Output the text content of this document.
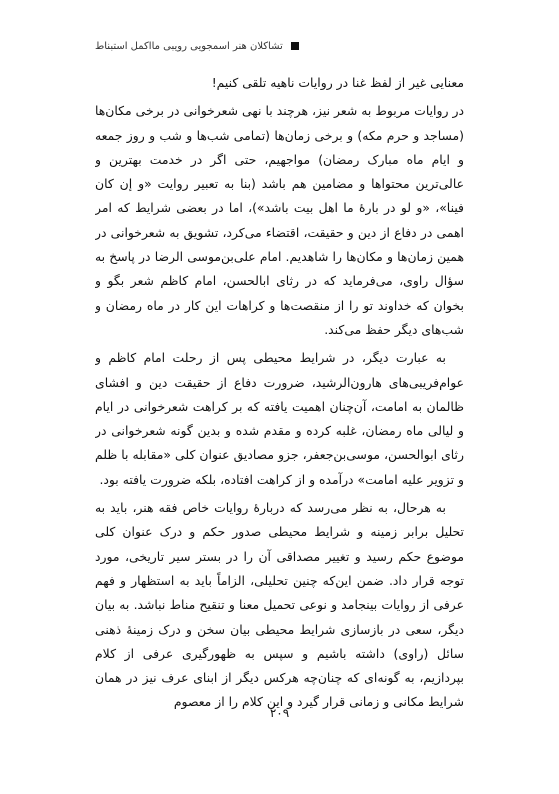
تشاکلان هنر اسمجویی رویبی ما‌اکمل استبناط

معنایی غیر از لفظ غنا در روایات ناهیه تلقی کنیم!

در روایات مربوط به شعر نیز، هرچند با نهی شعرخوانی در برخی مکان‌ها (مساجد و حرم مکه) و برخی زمان‌ها (تمامی شب‌ها و شب و روز جمعه و ایام ماه مبارک رمضان) مواجهیم، حتی اگر در خدمت بهترین و عالی‌ترین محتواها و مضامین هم باشد (بنا به تعبیر روایت «و إن کان فینا»، «و لو در بارهٔ ما اهل بیت باشد»)، اما در بعضی شرایط که امر اهمی در دفاع از دین و حقیقت، اقتضاء می‌کرد، تشویق به شعرخوانی در همین زمان‌ها و مکان‌ها را شاهدیم. امام علی‌بن‌موسی الرضا در پاسخ به سؤال راوی، می‌فرماید که در رثای ابالحسن، امام کاظم شعر بگو و بخوان که خداوند تو را از منقصت‌ها و کراهات این کار در ماه رمضان و شب‌های دیگر حفظ می‌کند.

به عبارت دیگر، در شرایط محیطی پس از رحلت امام کاظم و عوام‌فریبی‌های هارون‌الرشید، ضرورت دفاع از حقیقت دین و افشای ظالمان به امامت، آن‌چنان اهمیت یافته که بر کراهت شعرخوانی در ایام و لیالی ماه رمضان، غلبه کرده و مقدم شده و بدین گونه شعرخوانی در رثای ابوالحسن، موسی‌بن‌جعفر، جزو مصادیق عنوان کلی «مقابله با ظلم و تزویر علیه امامت» درآمده و از کراهت افتاده، بلکه ضرورت یافته بود.

به هرحال، به نظر می‌رسد که دربارهٔ روایات خاص فقه هنر، باید به تحلیل برابر زمینه و شرایط محیطی صدور حکم و درک عنوان کلی موضوع حکم رسید و تغییر مصداقی آن را در بستر سیر تاریخی، مورد توجه قرار داد. ضمن این‌که چنین تحلیلی، الزاماً باید به استظهار و فهم عرفی از روایات بینجامد و نوعی تحمیل معنا و تنقیح مناط نباشد. به بیان دیگر، سعی در بازسازی شرایط محیطی بیان سخن و درک زمینهٔ ذهنی سائل (راوی) داشته باشیم و سپس به ظهورگیری عرفی از کلام بپردازیم، به گونه‌ای که چنان‌چه هرکس دیگر از ابنای عرف نیز در همان شرایط مکانی و زمانی قرار گیرد و این کلام را از معصوم

۲۰۹
